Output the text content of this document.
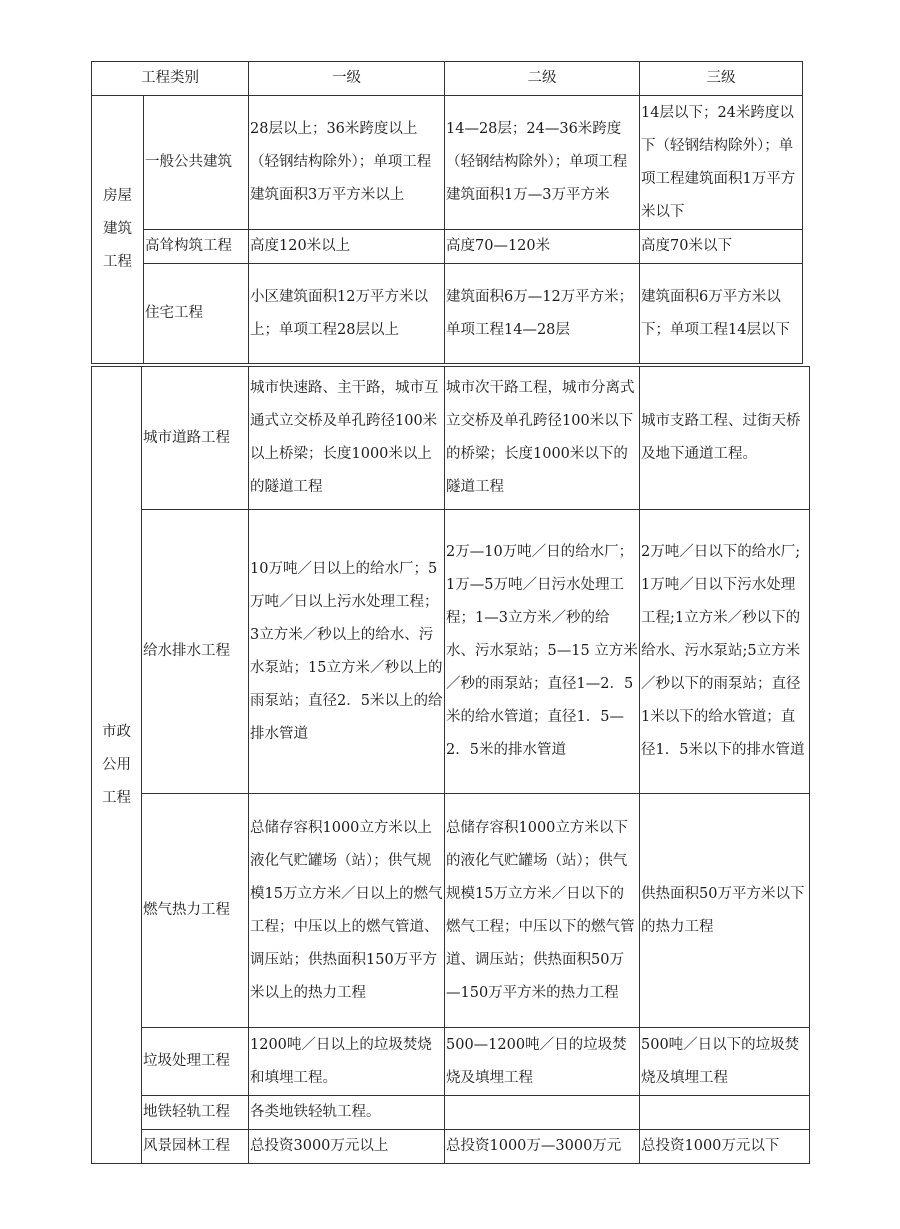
工程类别		一级	二级	三级
房屋建筑工程	一般公共建筑	28层以上；36米跨度以上（轻钢结构除外）；单项工程建筑面积3万平方米以上	14—28层；24—36米跨度（轻钢结构除外）；单项工程建筑面积1万—3万平方米	14层以下；24米跨度以下（轻钢结构除外）；单项工程建筑面积1万平方米以下
	高耸构筑工程	高度120米以上	高度70—120米	高度70米以下
	住宅工程	小区建筑面积12万平方米以上；单项工程28层以上	建筑面积6万—12万平方米；单项工程14—28层	建筑面积6万平方米以下；单项工程14层以下
市政公用工程	城市道路工程	城市快速路、主干路，城市互通式立交桥及单孔跨径100米以上桥梁；长度1000米以上的隧道工程	城市次干路工程，城市分离式立交桥及单孔跨径100米以下的桥梁；长度1000米以下的隧道工程	城市支路工程、过街天桥及地下通道工程。
	给水排水工程	10万吨／日以上的给水厂；5万吨／日以上污水处理工程；3立方米／秒以上的给水、污水泵站；15立方米／秒以上的雨泵站；直径2．5米以上的给排水管道	2万—10万吨／日的给水厂；1万—5万吨／日污水处理工程；1—3立方米／秒的给水、污水泵站；5—15 立方米／秒的雨泵站；直径1—2．5米的给水管道；直径1．5—2．5米的排水管道	2万吨／日以下的给水厂;1万吨／日以下污水处理工程;1立方米／秒以下的给水、污水泵站;5立方米／秒以下的雨泵站；直径1米以下的给水管道；直径1．5米以下的排水管道
	燃气热力工程	总储存容积1000立方米以上液化气贮罐场（站）；供气规模15万立方米／日以上的燃气工程；中压以上的燃气管道、调压站；供热面积150万平方米以上的热力工程	总储存容积1000立方米以下的液化气贮罐场（站）；供气规模15万立方米／日以下的燃气工程；中压以下的燃气管道、调压站；供热面积50万—150万平方米的热力工程	供热面积50万平方米以下的热力工程
	垃圾处理工程	1200吨／日以上的垃圾焚烧和填埋工程。	500—1200吨／日的垃圾焚烧及填埋工程	500吨／日以下的垃圾焚烧及填埋工程
	地铁轻轨工程	各类地铁轻轨工程。		
	风景园林工程	总投资3000万元以上	总投资1000万—3000万元	总投资1000万元以下
